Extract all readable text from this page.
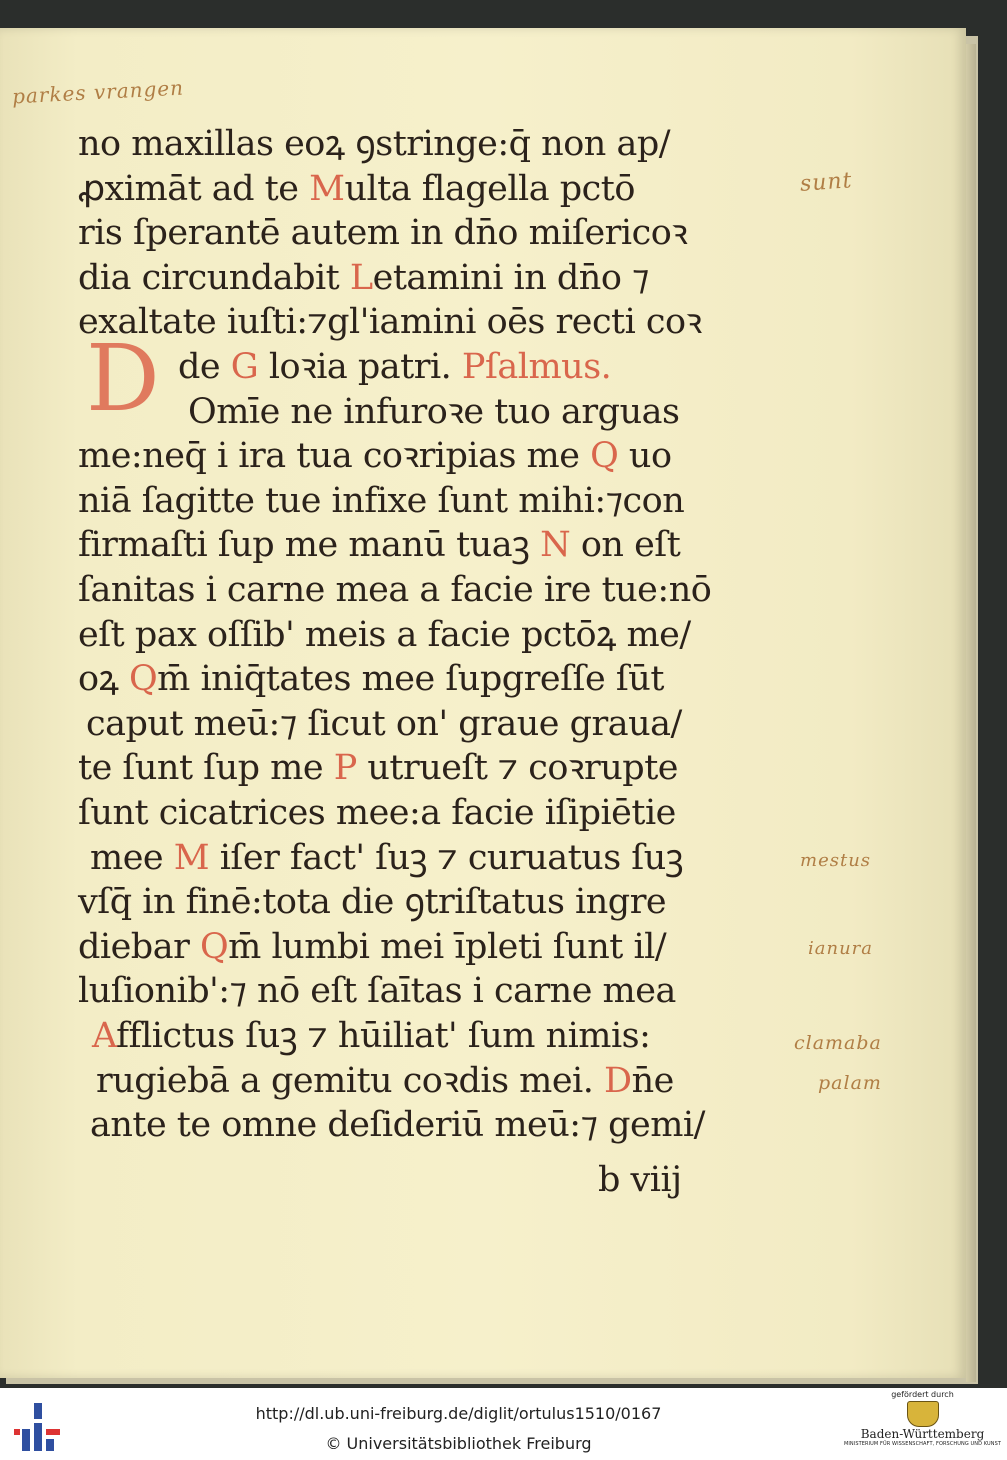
parkes vrangen
no maxillas eoꝝ ꝯstringe:q̄ non ap/
ꝓximāt ad te Multa flagella pctō
ris ſperantē autem in dn̄o miſericoꝛ
dia circundabit Letamini in dn̄o ⁊
exaltate iuſti:⁊gl'iamini oēs recti coꝛ
de G loꝛia patri. Pſalmus.
Omīe ne infuroꝛe tuo arguas
me:neq̄ i ira tua coꝛripias me Q uo
niā ſagitte tue infixe ſunt mihi:⁊con
firmaſti ſup me manū tuaꝫ N on eſt
ſanitas i carne mea a facie ire tue:nō
eſt pax oſſib' meis a facie pctōꝝ me/
oꝝ Qm̄ iniq̄tates mee ſupgreſſe ſūt
caput meū:⁊ ſicut on' graue graua/
te ſunt ſup me P utrueſt ⁊ coꝛrupte
ſunt cicatrices mee:a facie iſipiētie
mee M iſer fact' ſuꝫ ⁊ curuatus ſuꝫ
vſq̄ in finē:tota die ꝯtriſtatus ingre
diebar Qm̄ lumbi mei īpleti ſunt il/
luſionib':⁊ nō eſt ſaītas i carne mea
Afflictus ſuꝫ ⁊ hūiliat' ſum nimis:
rugiebā a gemitu coꝛdis mei. Dn̄e
ante te omne deſideriū meū:⁊ gemi/
D
b viij
sunt
mestus
ianura
clamaba
palam
http://dl.ub.uni-freiburg.de/diglit/ortulus1510/0167
© Universitätsbibliothek Freiburg
gefördert durch
Baden-Württemberg
MINISTERIUM FÜR WISSENSCHAFT, FORSCHUNG UND KUNST
